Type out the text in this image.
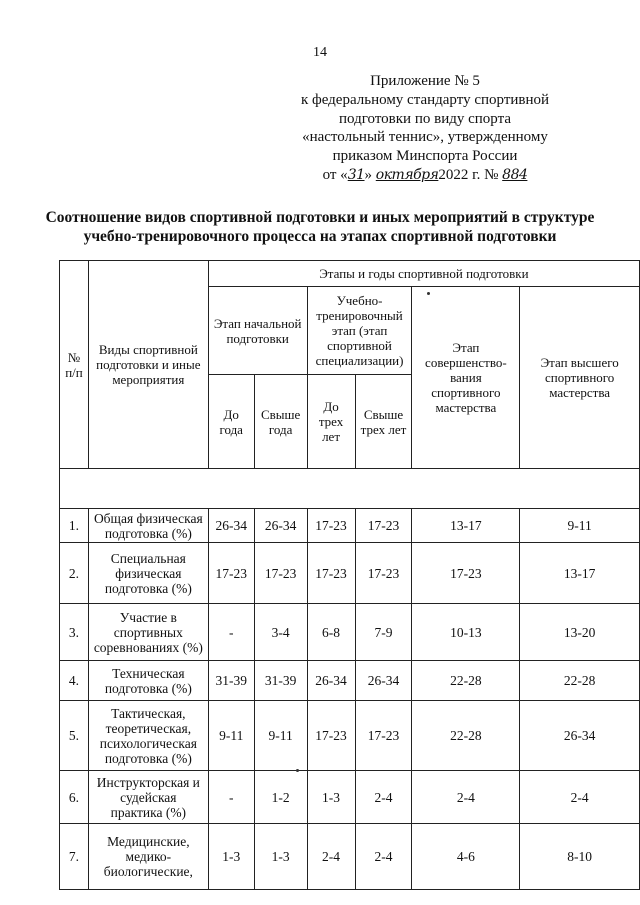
14
Приложение № 5
к федеральному стандарту спортивной
подготовки по виду спорта
«настольный теннис», утвержденному
приказом Минспорта России
от «31» октября2022 г. № 884
Соотношение видов спортивной подготовки и иных мероприятий в структуре
учебно-тренировочного процесса на этапах спортивной подготовки
№ п/п	Виды спортивной подготовки и иные мероприятия	Этапы и годы спортивной подготовки					
		Этап начальной подготовки		Учебно-тренировочный этап (этап спортивной специализации)		Этап совершенство-вания спортивного мастерства	Этап высшего спортивного мастерства
		До года	Свыше года	До трех лет	Свыше трех лет		

1.	Общая физическая подготовка (%)	26-34	26-34	17-23	17-23	13-17	9-11
2.	Специальная физическая подготовка (%)	17-23	17-23	17-23	17-23	17-23	13-17
3.	Участие в спортивных соревнованиях (%)	-	3-4	6-8	7-9	10-13	13-20
4.	Техническая подготовка (%)	31-39	31-39	26-34	26-34	22-28	22-28
5.	Тактическая, теоретическая, психологическая подготовка (%)	9-11	9-11	17-23	17-23	22-28	26-34
6.	Инструкторская и судейская практика (%)	-	1-2	1-3	2-4	2-4	2-4
7.	Медицинские, медико-биологические,	1-3	1-3	2-4	2-4	4-6	8-10
